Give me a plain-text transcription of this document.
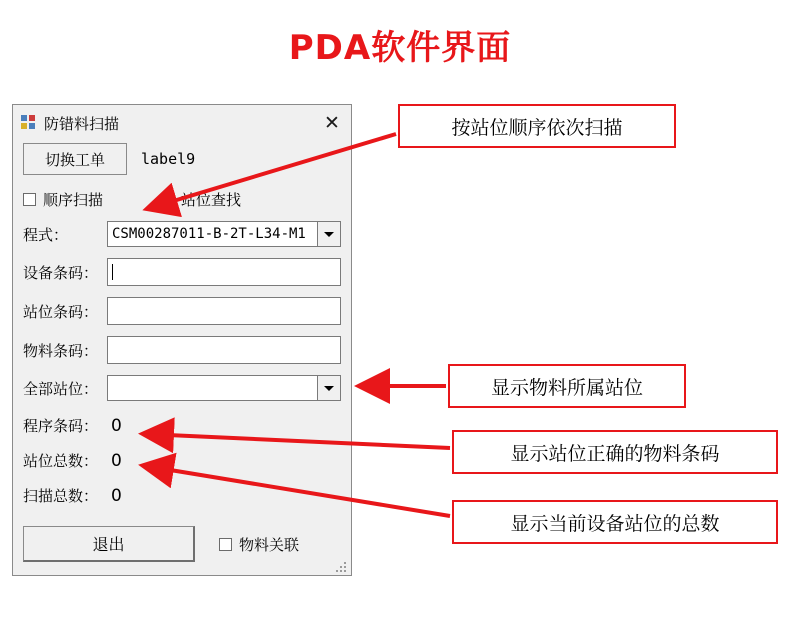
PDA软件界面
防错料扫描	✕
切换工单	label9
顺序扫描	站位查找
程式：	CSM00287011-B-2T-L34-M1
设备条码：
站位条码：
物料条码：
全部站位：
程序条码： 0
站位总数： 0
扫描总数： 0
退出	物料关联
按站位顺序依次扫描
显示物料所属站位
显示站位正确的物料条码
显示当前设备站位的总数
